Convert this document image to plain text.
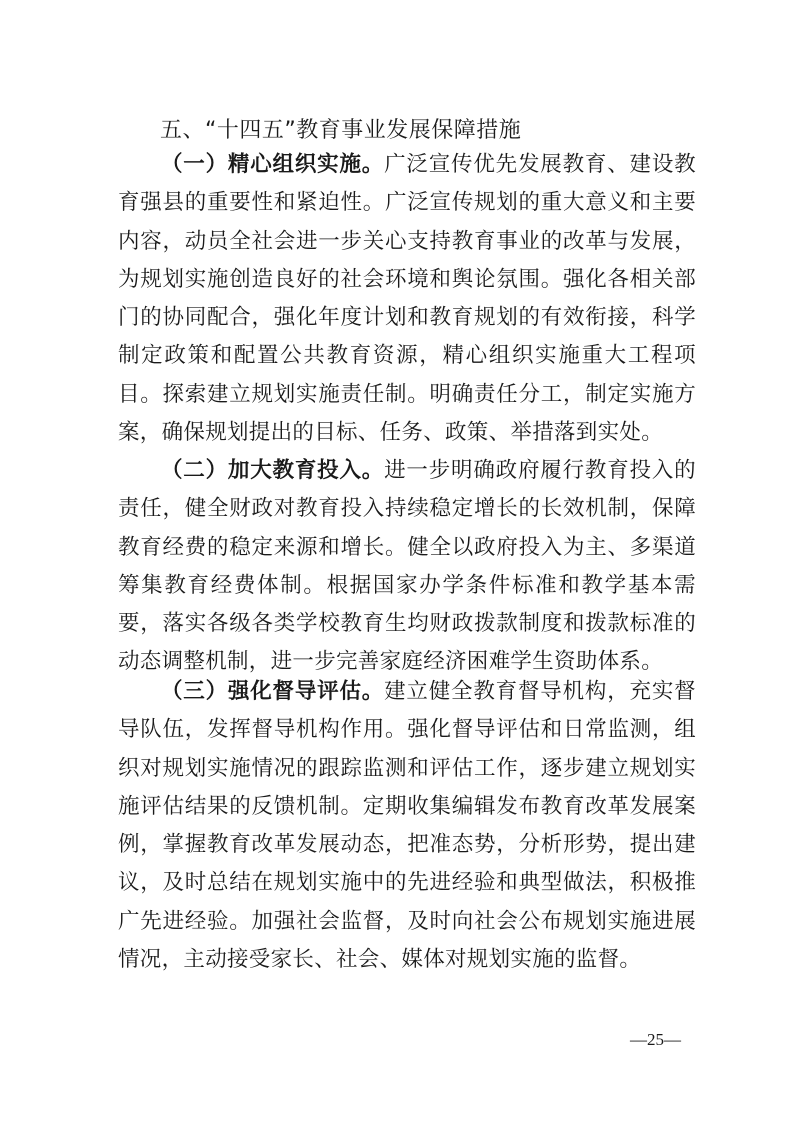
五、“十四五”教育事业发展保障措施

（一）精心组织实施。广泛宣传优先发展教育、建设教育强县的重要性和紧迫性。广泛宣传规划的重大意义和主要内容，动员全社会进一步关心支持教育事业的改革与发展，为规划实施创造良好的社会环境和舆论氛围。强化各相关部门的协同配合，强化年度计划和教育规划的有效衔接，科学制定政策和配置公共教育资源，精心组织实施重大工程项目。探索建立规划实施责任制。明确责任分工，制定实施方案，确保规划提出的目标、任务、政策、举措落到实处。

（二）加大教育投入。进一步明确政府履行教育投入的责任，健全财政对教育投入持续稳定增长的长效机制，保障教育经费的稳定来源和增长。健全以政府投入为主、多渠道筹集教育经费体制。根据国家办学条件标准和教学基本需要，落实各级各类学校教育生均财政拨款制度和拨款标准的动态调整机制，进一步完善家庭经济困难学生资助体系。

（三）强化督导评估。建立健全教育督导机构，充实督导队伍，发挥督导机构作用。强化督导评估和日常监测，组织对规划实施情况的跟踪监测和评估工作，逐步建立规划实施评估结果的反馈机制。定期收集编辑发布教育改革发展案例，掌握教育改革发展动态，把准态势，分析形势，提出建议，及时总结在规划实施中的先进经验和典型做法，积极推广先进经验。加强社会监督，及时向社会公布规划实施进展情况，主动接受家长、社会、媒体对规划实施的监督。

—25—
